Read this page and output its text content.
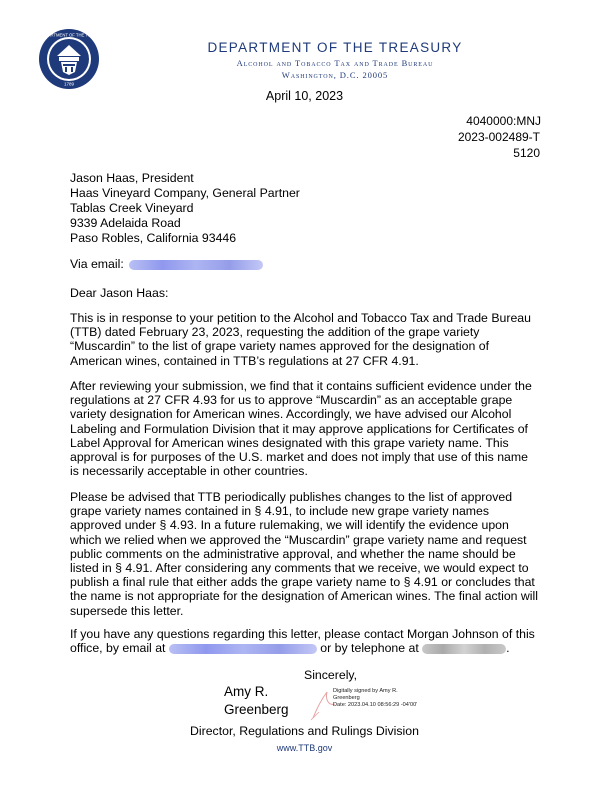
THE DEPARTMENT OF THE TREASURY
1789
DEPARTMENT OF THE TREASURY
Alcohol and Tobacco Tax and Trade Bureau
Washington, D.C. 20005
April 10, 2023
4040000:MNJ
2023-002489-T
5120
Jason Haas, President
Haas Vineyard Company, General Partner
Tablas Creek Vineyard
9339 Adelaida Road
Paso Robles, California 93446
Via email:
Dear Jason Haas:
This is in response to your petition to the Alcohol and Tobacco Tax and Trade Bureau (TTB) dated February 23, 2023, requesting the addition of the grape variety “Muscardin” to the list of grape variety names approved for the designation of American wines, contained in TTB’s regulations at 27 CFR 4.91.
After reviewing your submission, we find that it contains sufficient evidence under the regulations at 27 CFR 4.93 for us to approve “Muscardin” as an acceptable grape variety designation for American wines. Accordingly, we have advised our Alcohol Labeling and Formulation Division that it may approve applications for Certificates of Label Approval for American wines designated with this grape variety name. This approval is for purposes of the U.S. market and does not imply that use of this name is necessarily acceptable in other countries.
Please be advised that TTB periodically publishes changes to the list of approved grape variety names contained in § 4.91, to include new grape variety names approved under § 4.93. In a future rulemaking, we will identify the evidence upon which we relied when we approved the “Muscardin” grape variety name and request public comments on the administrative approval, and whether the name should be listed in § 4.91. After considering any comments that we receive, we would expect to publish a final rule that either adds the grape variety name to § 4.91 or concludes that the name is not appropriate for the designation of American wines. The final action will supersede this letter.
If you have any questions regarding this letter, please contact Morgan Johnson of this office, by email at	or by telephone at	.
Sincerely,
Amy R.
Greenberg
Digitally signed by Amy R.
Greenberg
Date: 2023.04.10 08:56:29 -04'00'
Director, Regulations and Rulings Division
www.TTB.gov
